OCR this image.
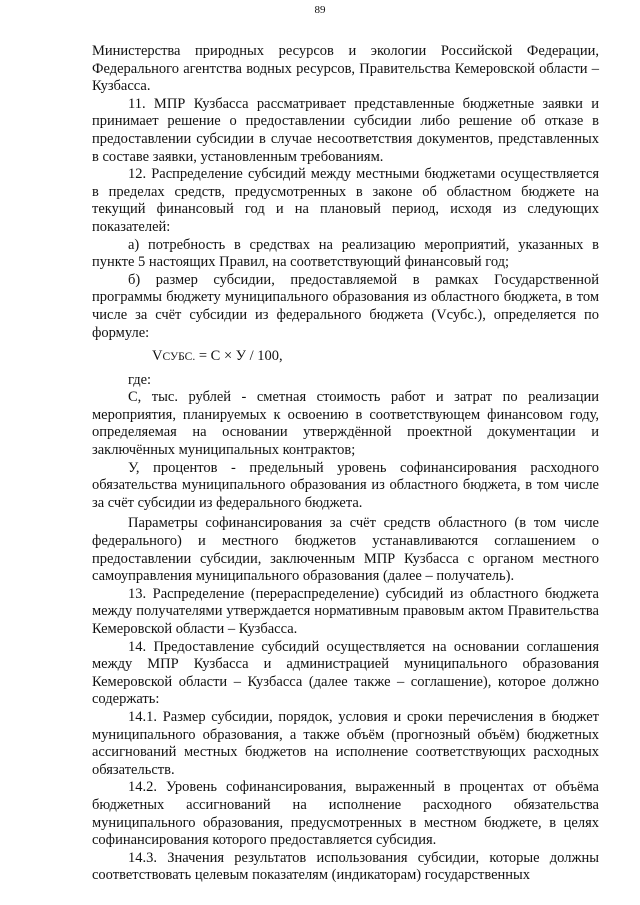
89

Министерства природных ресурсов и экологии Российской Федерации, Федерального агентства водных ресурсов, Правительства Кемеровской области – Кузбасса.

11. МПР Кузбасса рассматривает представленные бюджетные заявки и принимает решение о предоставлении субсидии либо решение об отказе в предоставлении субсидии в случае несоответствия документов, представленных в составе заявки, установленным требованиям.

12. Распределение субсидий между местными бюджетами осуществляется в пределах средств, предусмотренных в законе об областном бюджете на текущий финансовый год и на плановый период, исходя из следующих показателей:

а) потребность в средствах на реализацию мероприятий, указанных в пункте 5 настоящих Правил, на соответствующий финансовый год;

б) размер субсидии, предоставляемой в рамках Государственной программы бюджету муниципального образования из областного бюджета, в том числе за счёт субсидии из федерального бюджета (Vсубс.), определяется по формуле:

VСУБС. = С × У / 100,

где:

С, тыс. рублей - сметная стоимость работ и затрат по реализации мероприятия, планируемых к освоению в соответствующем финансовом году, определяемая на основании утверждённой проектной документации и заключённых муниципальных контрактов;

У, процентов - предельный уровень софинансирования расходного обязательства муниципального образования из областного бюджета, в том числе за счёт субсидии из федерального бюджета.

Параметры софинансирования за счёт средств областного (в том числе федерального) и местного бюджетов устанавливаются соглашением о предоставлении субсидии, заключенным МПР Кузбасса с органом местного самоуправления муниципального образования (далее – получатель).

13. Распределение (перераспределение) субсидий из областного бюджета между получателями утверждается нормативным правовым актом Правительства Кемеровской области – Кузбасса.

14. Предоставление субсидий осуществляется на основании соглашения между МПР Кузбасса и администрацией муниципального образования Кемеровской области – Кузбасса (далее также – соглашение), которое должно содержать:

14.1. Размер субсидии, порядок, условия и сроки перечисления в бюджет муниципального образования, а также объём (прогнозный объём) бюджетных ассигнований местных бюджетов на исполнение соответствующих расходных обязательств.

14.2. Уровень софинансирования, выраженный в процентах от объёма бюджетных ассигнований на исполнение расходного обязательства муниципального образования, предусмотренных в местном бюджете, в целях софинансирования которого предоставляется субсидия.

14.3. Значения результатов использования субсидии, которые должны соответствовать целевым показателям (индикаторам) государственных
